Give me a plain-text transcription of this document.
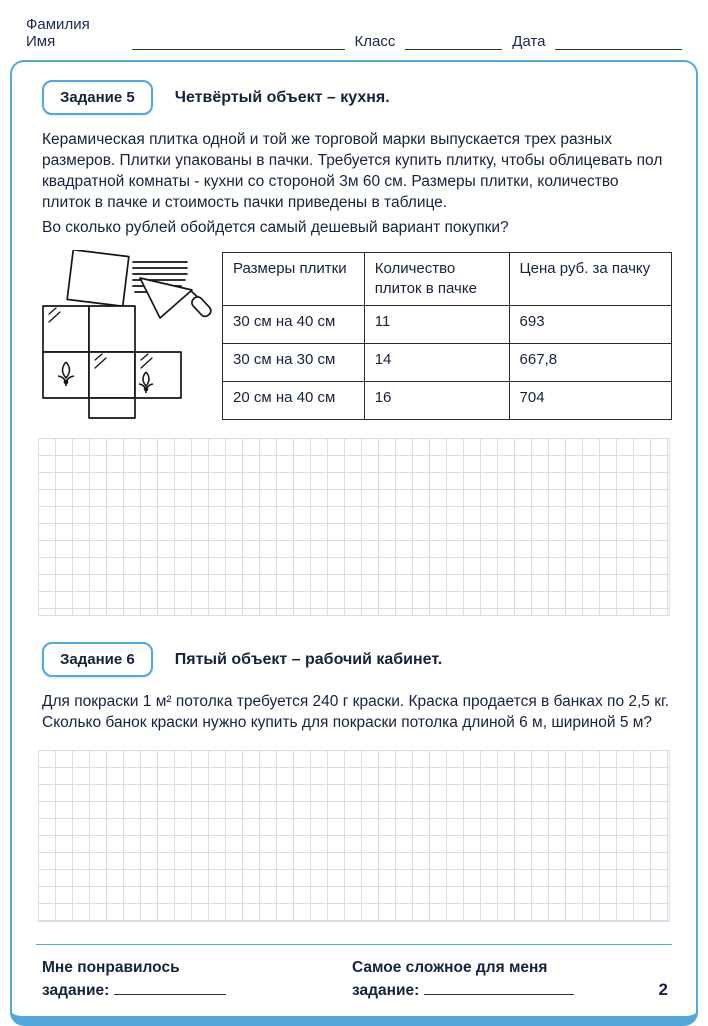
Фамилия Имя	Класс	Дата
Задание 5	Четвёртый объект – кухня.

Керамическая плитка одной и той же торговой марки выпускается трех разных размеров. Плитки упакованы в пачки. Требуется купить плитку, чтобы облицевать пол квадратной комнаты - кухни со стороной 3м 60 см. Размеры плитки, количество плиток в пачке и стоимость пачки приведены в таблице.

Во сколько рублей обойдется самый дешевый вариант покупки?

Размеры плитки	Количество плиток в пачке	Цена руб. за пачку
30 см на 40 см	11	693
30 см на 30 см	14	667,8
20 см на 40 см	16	704
Задание 6	Пятый объект – рабочий кабинет.

Для покраски 1 м² потолка требуется 240 г краски. Краска продается в банках по 2,5 кг. Сколько банок краски нужно купить для покраски потолка длиной 6 м, шириной 5 м?

Мне понравилось
задание:
Самое сложное для меня
задание:	2
